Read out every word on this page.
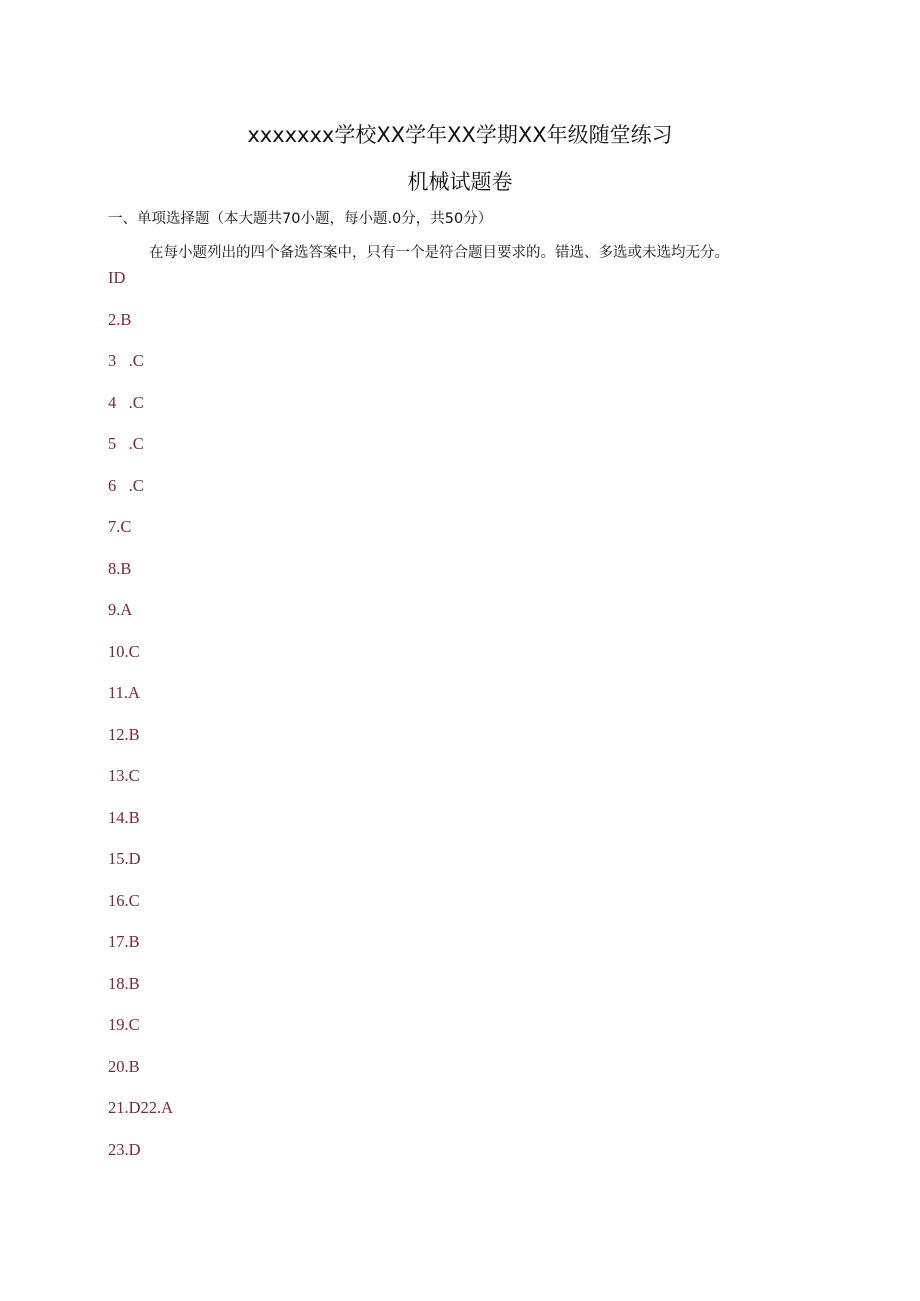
xxxxxxx学校XX学年XX学期XX年级随堂练习
机械试题卷
一、单项选择题（本大题共70小题，每小题.0分，共50分）
在每小题列出的四个备选答案中，只有一个是符合题目要求的。错选、多选或未选均无分。
ID
2.B
3   .C
4   .C
5   .C
6   .C
7.C
8.B
9.A
10.C
11.A
12.B
13.C
14.B
15.D
16.C
17.B
18.B
19.C
20.B
21.D22.A
23.D
